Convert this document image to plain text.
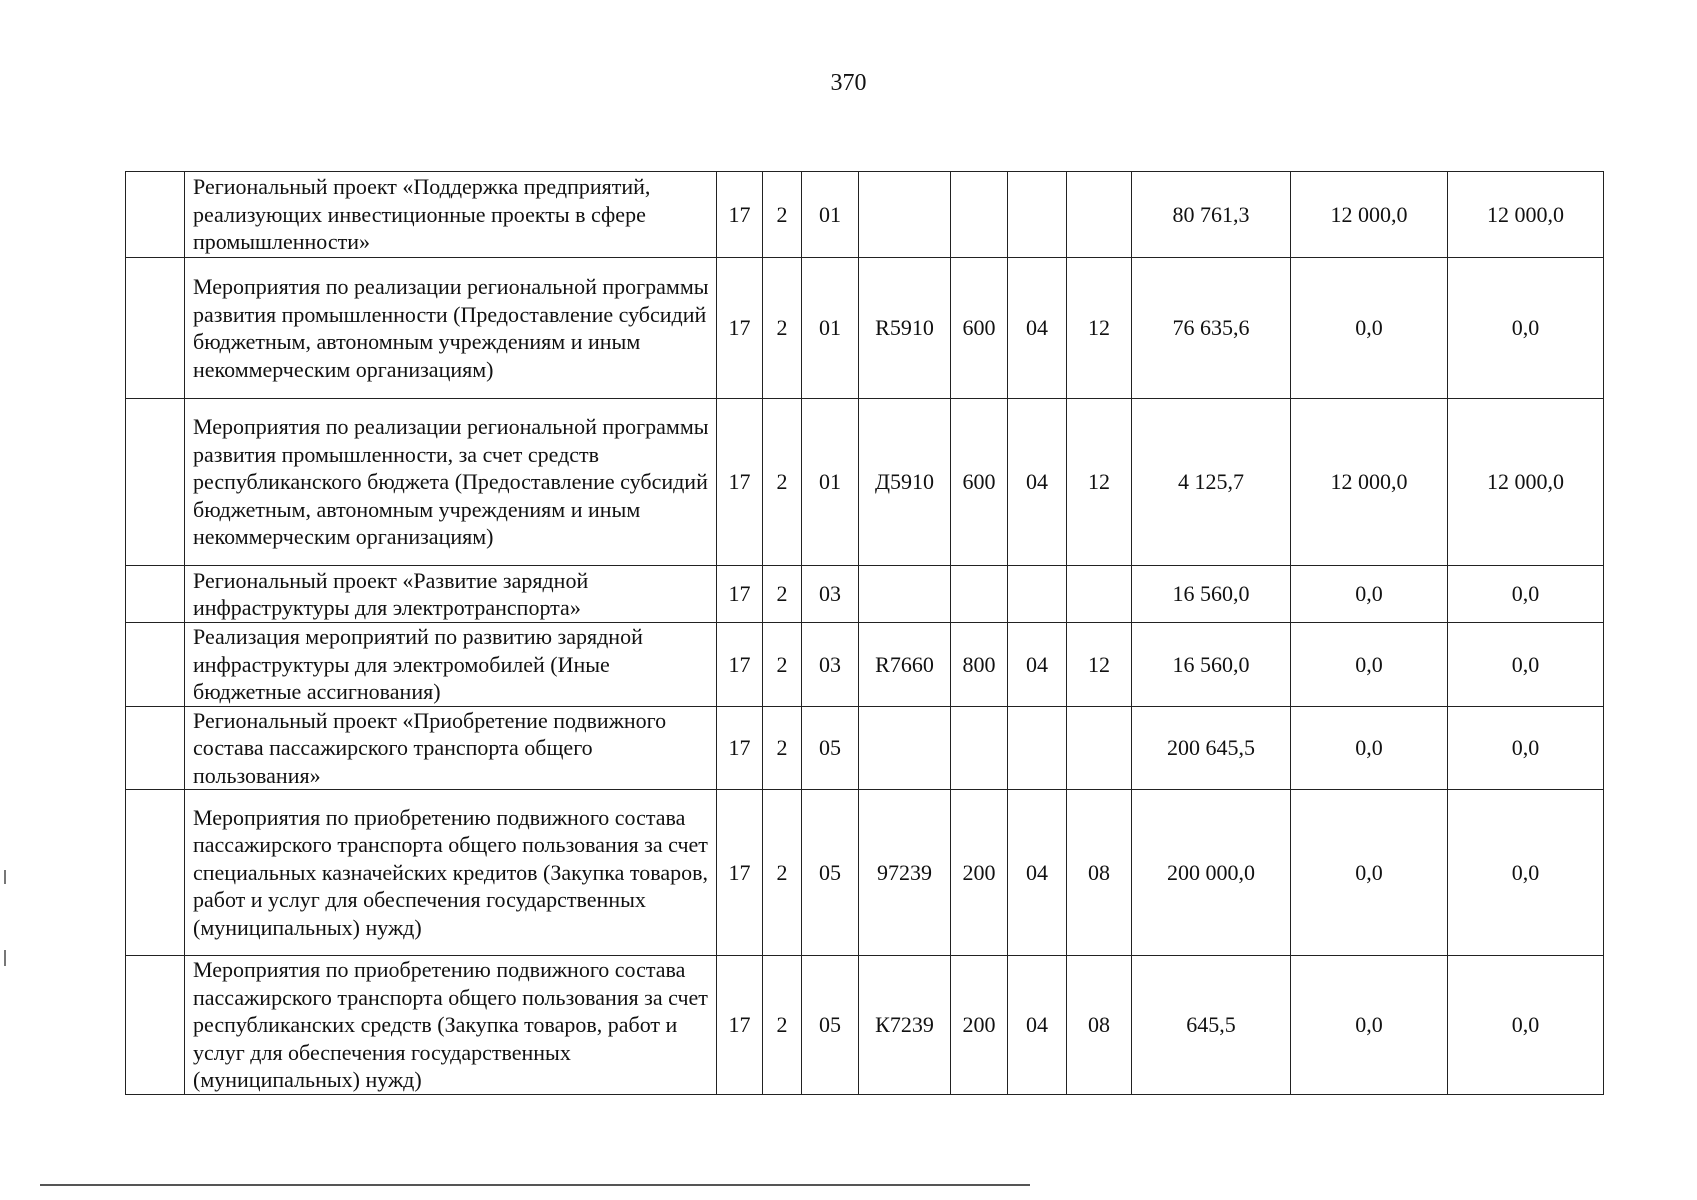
370
	Региональный проект «Поддержка предприятий, реализующих инвестиционные проекты в сфере промышленности»	17	2	01					80 761,3	12 000,0	12 000,0
	Мероприятия по реализации региональной программы развития промышленности (Предоставление субсидий бюджетным, автономным учреждениям и иным некоммерческим организациям)	17	2	01	R5910	600	04	12	76 635,6	0,0	0,0
	Мероприятия по реализации региональной программы развития промышленности, за счет средств республиканского бюджета (Предоставление субсидий бюджетным, автономным учреждениям и иным некоммерческим организациям)	17	2	01	Д5910	600	04	12	4 125,7	12 000,0	12 000,0
	Региональный проект «Развитие зарядной инфраструктуры для электротранспорта»	17	2	03					16 560,0	0,0	0,0
	Реализация мероприятий по развитию зарядной инфраструктуры для электромобилей (Иные бюджетные ассигнования)	17	2	03	R7660	800	04	12	16 560,0	0,0	0,0
	Региональный проект «Приобретение подвижного состава пассажирского транспорта общего пользования»	17	2	05					200 645,5	0,0	0,0
	Мероприятия по приобретению подвижного состава пассажирского транспорта общего пользования за счет специальных казначейских кредитов (Закупка товаров, работ и услуг для обеспечения государственных (муниципальных) нужд)	17	2	05	97239	200	04	08	200 000,0	0,0	0,0
	Мероприятия по приобретению подвижного состава пассажирского транспорта общего пользования за счет республиканских средств (Закупка товаров, работ и услуг для обеспечения государственных (муниципальных) нужд)	17	2	05	К7239	200	04	08	645,5	0,0	0,0
